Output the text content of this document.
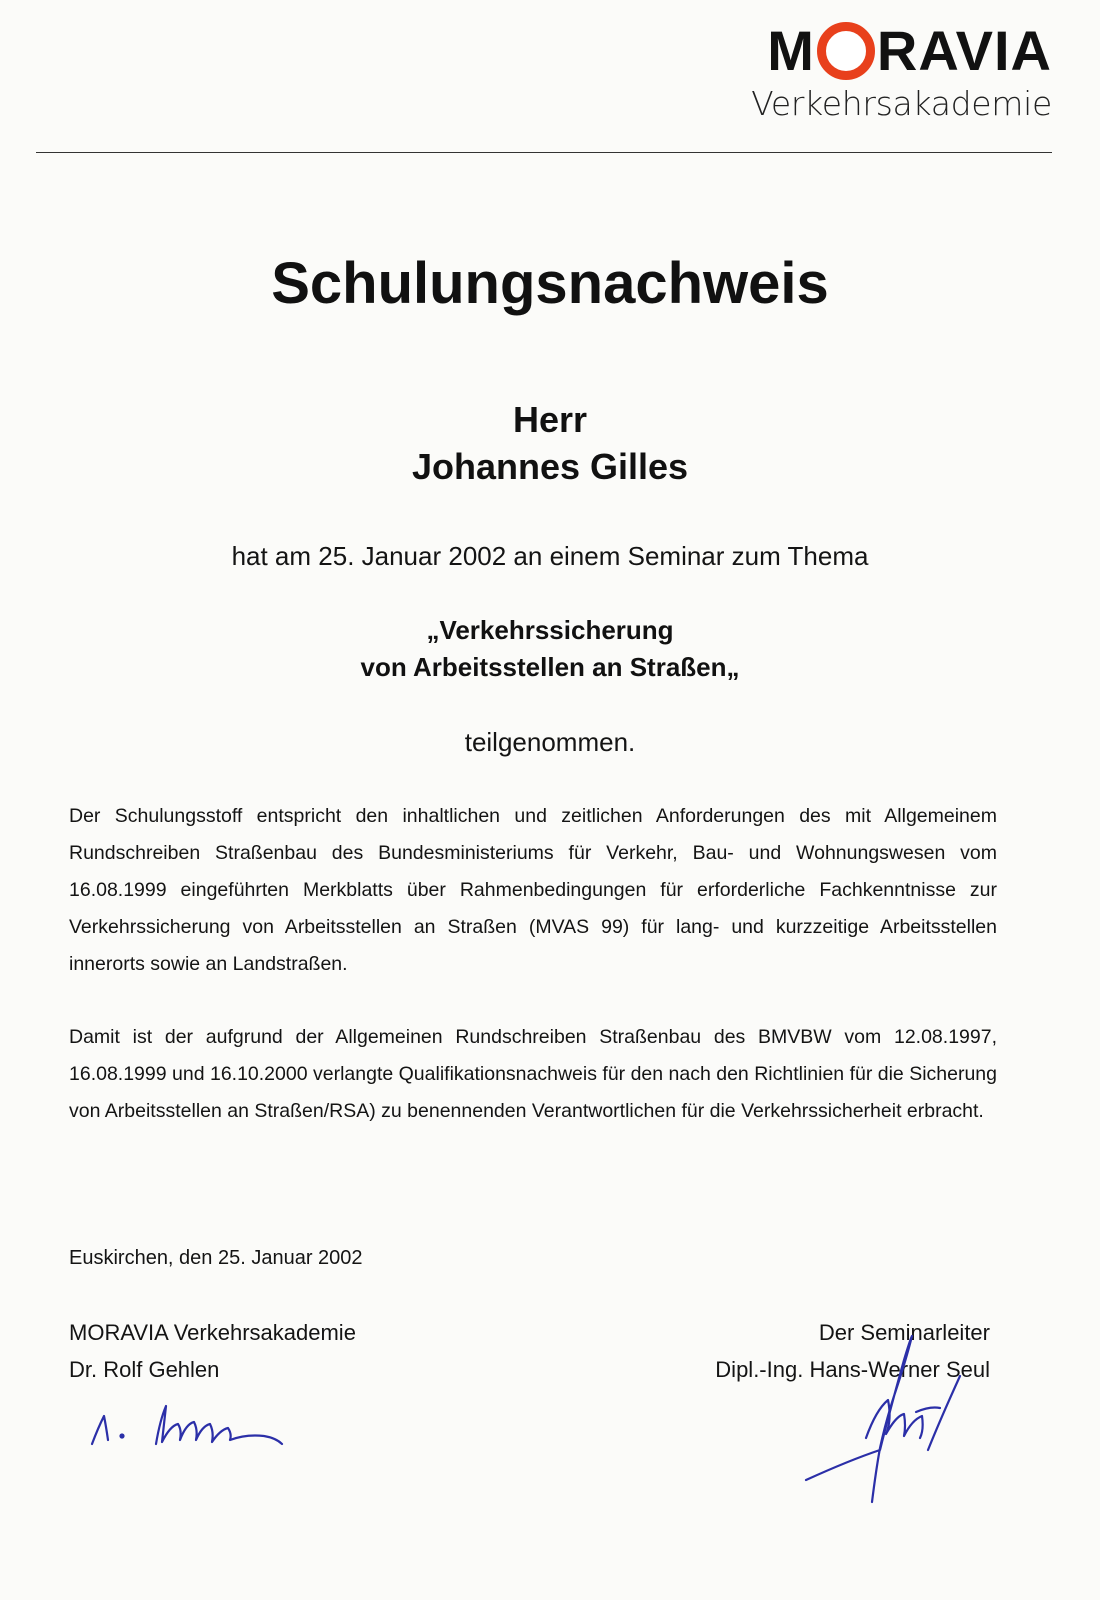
M RAVIA
Verkehrsakademie
Schulungsnachweis
Herr
Johannes Gilles
hat am 25. Januar 2002 an einem Seminar zum Thema
„Verkehrssicherung
von Arbeitsstellen an Straßen„
teilgenommen.
Der Schulungsstoff entspricht den inhaltlichen und zeitlichen Anforderungen des mit Allgemeinem Rundschreiben Straßenbau des Bundesministeriums für Verkehr, Bau- und Wohnungswesen vom 16.08.1999 eingeführten Merkblatts über Rahmenbedingungen für erforderliche Fachkenntnisse zur Verkehrssicherung von Arbeitsstellen an Straßen (MVAS 99) für lang- und kurzzeitige Arbeitsstellen innerorts sowie an Landstraßen.
Damit ist der aufgrund der Allgemeinen Rundschreiben Straßenbau des BMVBW vom 12.08.1997, 16.08.1999 und 16.10.2000 verlangte Qualifikationsnachweis für den nach den Richtlinien für die Sicherung von Arbeitsstellen an Straßen/RSA) zu benennenden Verantwortlichen für die Verkehrssicherheit erbracht.
Euskirchen, den 25. Januar 2002
MORAVIA Verkehrsakademie
Dr. Rolf Gehlen
Der Seminarleiter
Dipl.-Ing. Hans-Werner Seul
